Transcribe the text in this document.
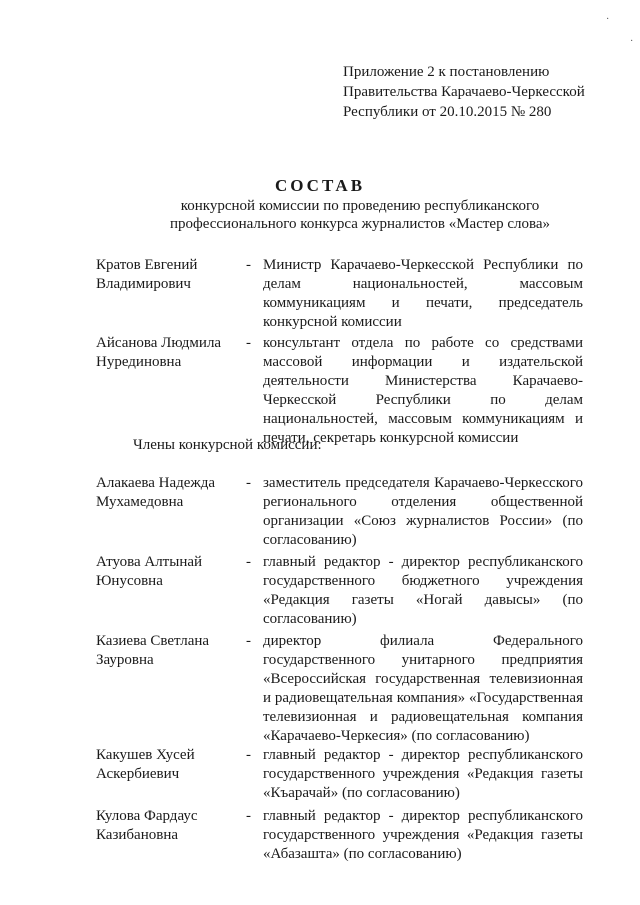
·
·
Приложение 2 к постановлению
Правительства Карачаево-Черкесской
Республики от 20.10.2015 № 280
СОСТАВ
конкурсной комиссии по проведению республиканского
профессионального конкурса журналистов «Мастер слова»
Кратов Евгений
Владимирович
- Министр Карачаево-Черкесской Республики по делам национальностей, массовым коммуникациям и печати, председатель конкурсной комиссии
Айсанова Людмила
Нурединовна
- консультант отдела по работе со средствами массовой информации и издательской деятельности Министерства Карачаево-Черкесской Республики по делам национальностей, массовым коммуникациям и печати, секретарь конкурсной комиссии
Члены конкурсной комиссии:
Алакаева Надежда
Мухамедовна
- заместитель председателя Карачаево-Черкесского регионального отделения общественной организации «Союз журналистов России» (по согласованию)
Атуова Алтынай
Юнусовна
- главный редактор - директор республиканского государственного бюджетного учреждения «Редакция газеты «Ногай давысы» (по согласованию)
Казиева Светлана
Зауровна
- директор филиала Федерального государственного унитарного предприятия «Всероссийская государственная телевизионная и радиовещательная компания» «Государственная телевизионная и радиовещательная компания «Карачаево-Черкесия» (по согласованию)
Какушев Хусей
Аскербиевич
- главный редактор - директор республиканского государственного учреждения «Редакция газеты «Къарачай» (по согласованию)
Кулова Фардаус
Казибановна
- главный редактор - директор республиканского государственного учреждения «Редакция газеты «Абазашта» (по согласованию)
